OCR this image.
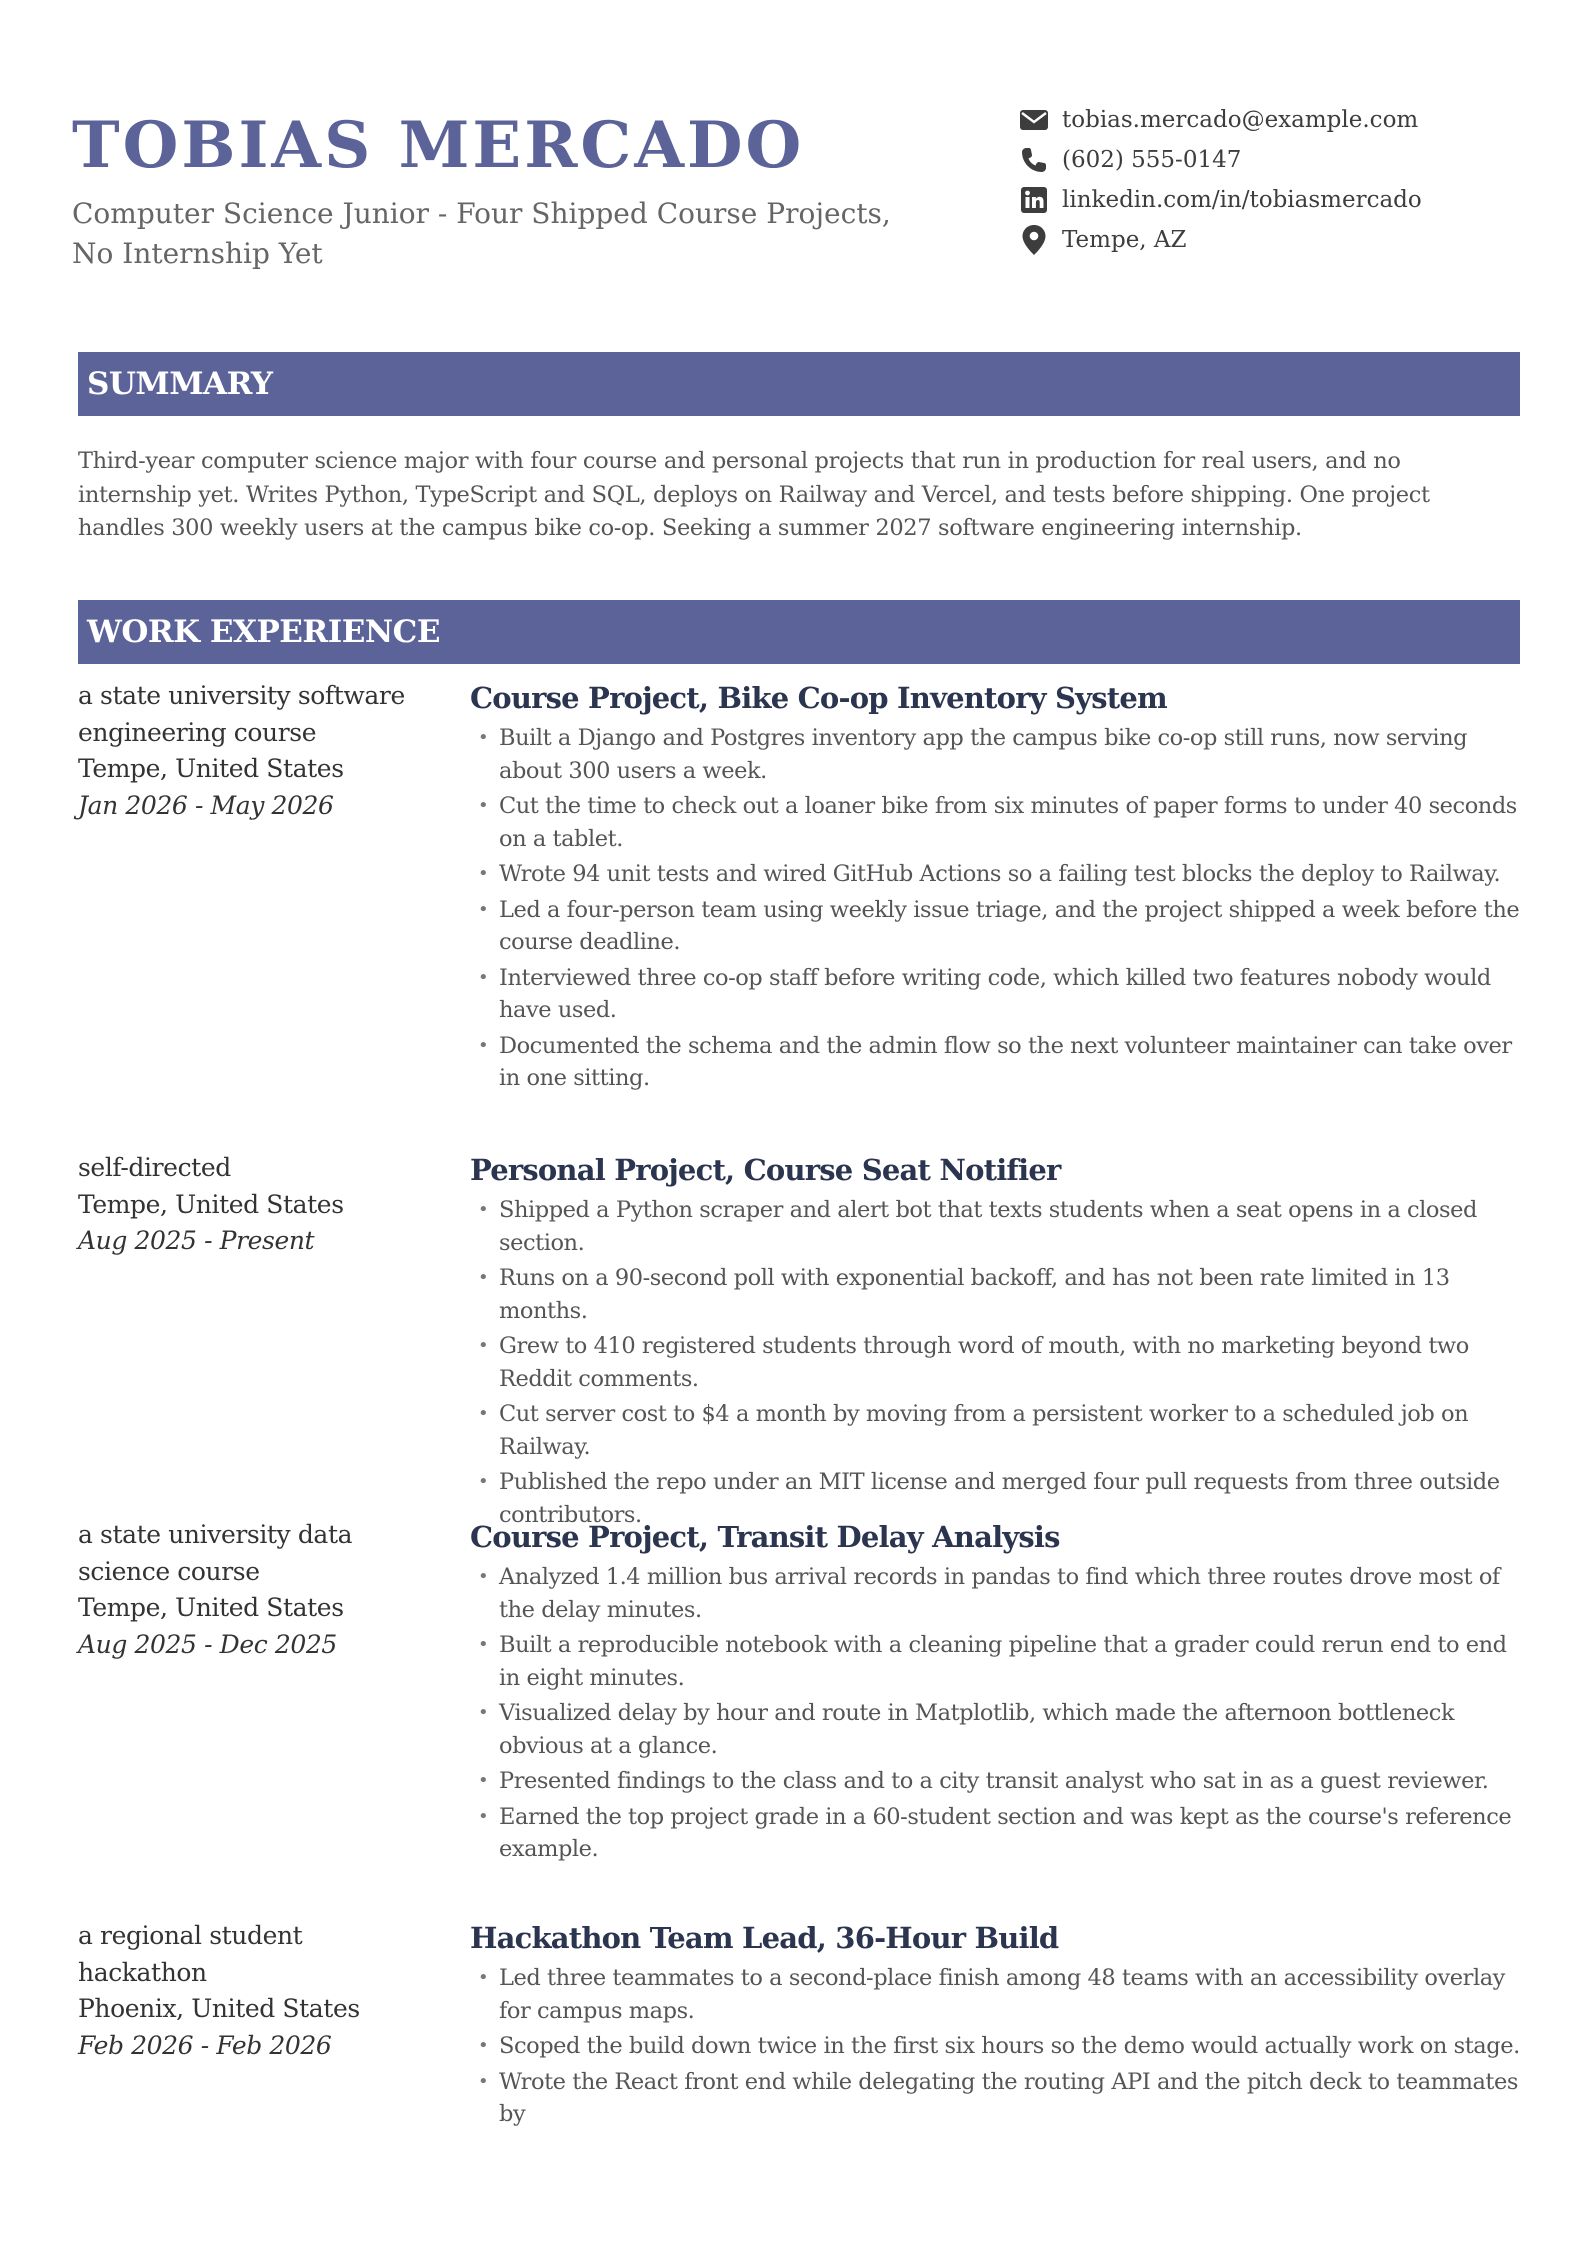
TOBIAS MERCADO

Computer Science Junior - Four Shipped Course Projects, No Internship Yet

tobias.mercado@example.com
(602) 555-0147
linkedin.com/in/tobiasmercado
Tempe, AZ
SUMMARY

Third-year computer science major with four course and personal projects that run in production for real users, and no internship yet. Writes Python, TypeScript and SQL, deploys on Railway and Vercel, and tests before shipping. One project handles 300 weekly users at the campus bike co-op. Seeking a summer 2027 software engineering internship.

WORK EXPERIENCE
a state university software engineering course
Tempe, United States
Jan 2026 - May 2026
Course Project, Bike Co-op Inventory System
• Built a Django and Postgres inventory app the campus bike co-op still runs, now serving about 300 users a week.
• Cut the time to check out a loaner bike from six minutes of paper forms to under 40 seconds on a tablet.
• Wrote 94 unit tests and wired GitHub Actions so a failing test blocks the deploy to Railway.
• Led a four-person team using weekly issue triage, and the project shipped a week before the course deadline.
• Interviewed three co-op staff before writing code, which killed two features nobody would have used.
• Documented the schema and the admin flow so the next volunteer maintainer can take over in one sitting.
self-directed
Tempe, United States
Aug 2025 - Present
Personal Project, Course Seat Notifier
• Shipped a Python scraper and alert bot that texts students when a seat opens in a closed section.
• Runs on a 90-second poll with exponential backoff, and has not been rate limited in 13 months.
• Grew to 410 registered students through word of mouth, with no marketing beyond two Reddit comments.
• Cut server cost to $4 a month by moving from a persistent worker to a scheduled job on Railway.
• Published the repo under an MIT license and merged four pull requests from three outside contributors.
a state university data science course
Tempe, United States
Aug 2025 - Dec 2025
Course Project, Transit Delay Analysis
• Analyzed 1.4 million bus arrival records in pandas to find which three routes drove most of the delay minutes.
• Built a reproducible notebook with a cleaning pipeline that a grader could rerun end to end in eight minutes.
• Visualized delay by hour and route in Matplotlib, which made the afternoon bottleneck obvious at a glance.
• Presented findings to the class and to a city transit analyst who sat in as a guest reviewer.
• Earned the top project grade in a 60-student section and was kept as the course's reference example.
a regional student hackathon
Phoenix, United States
Feb 2026 - Feb 2026
Hackathon Team Lead, 36-Hour Build
• Led three teammates to a second-place finish among 48 teams with an accessibility overlay for campus maps.
• Scoped the build down twice in the first six hours so the demo would actually work on stage.
• Wrote the React front end while delegating the routing API and the pitch deck to teammates by
